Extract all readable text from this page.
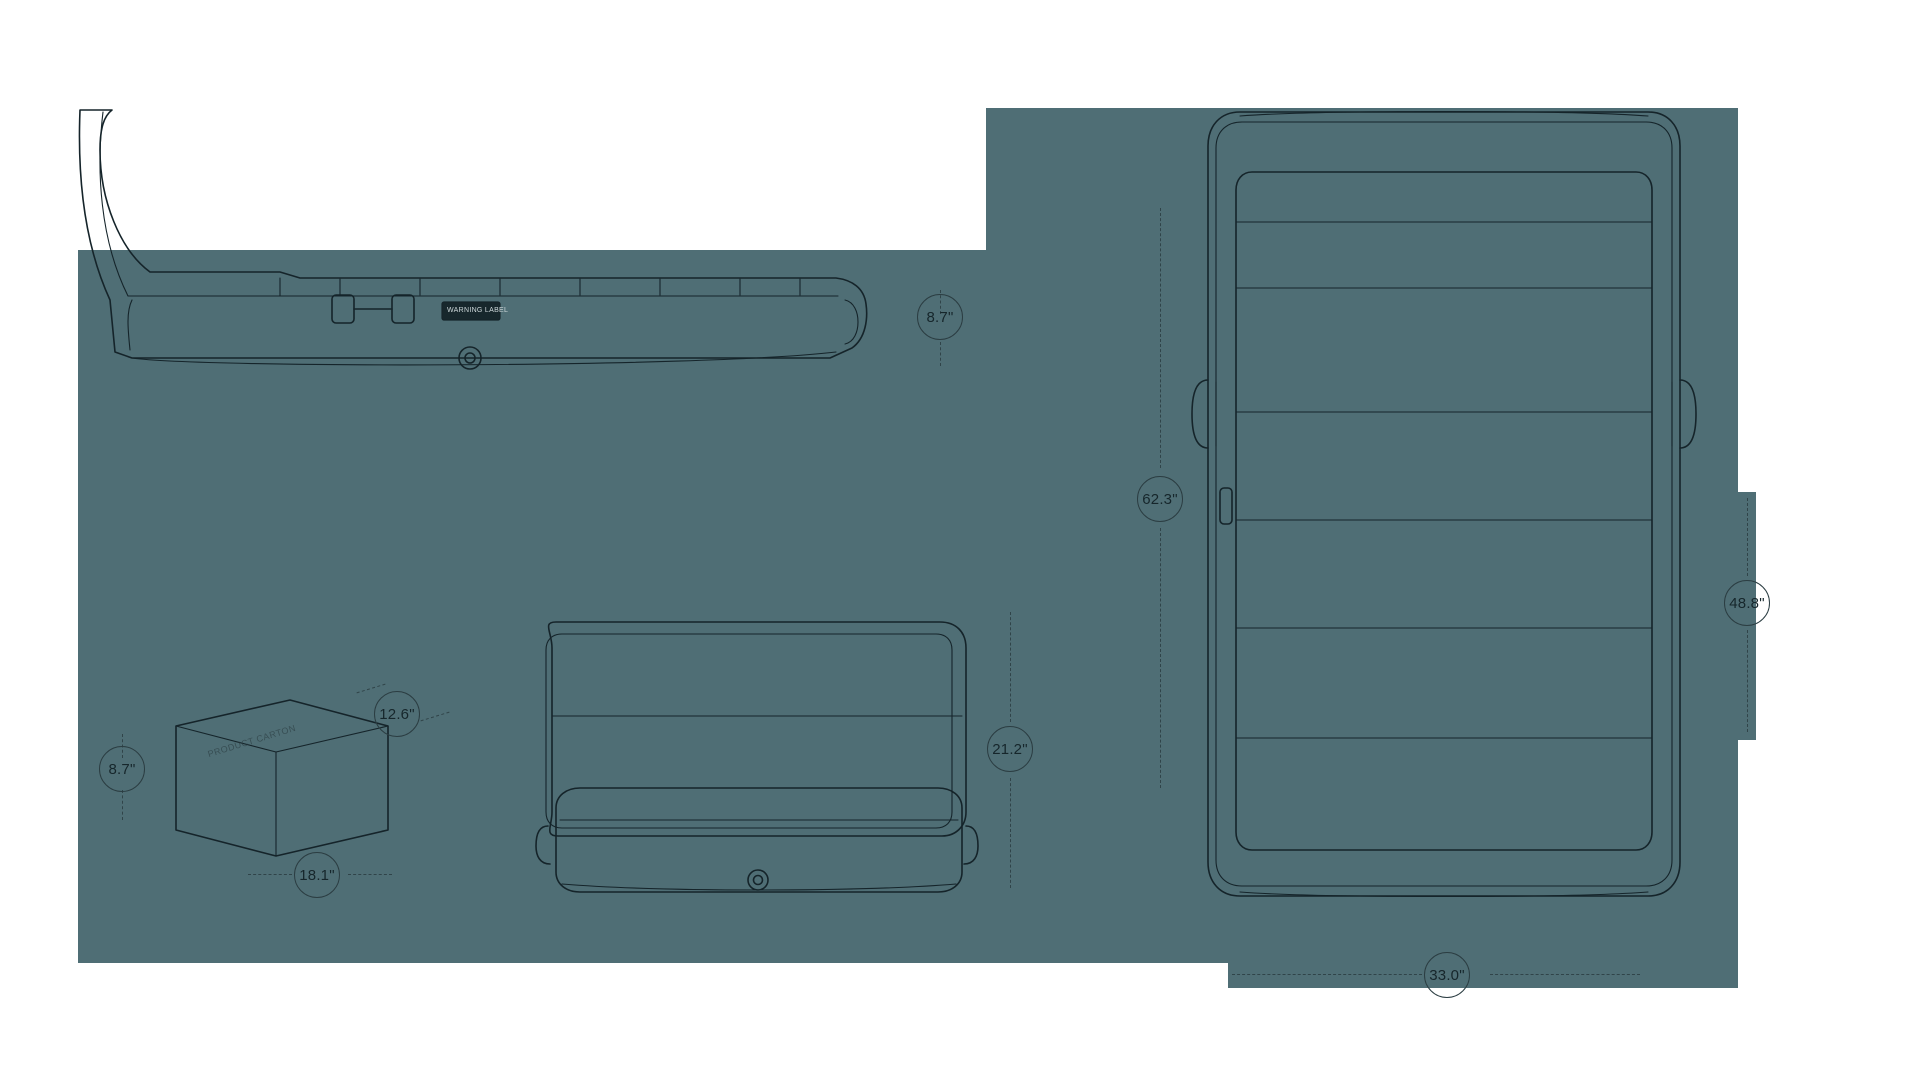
PRODUCT CARTON
WARNING LABEL	8.7"
8.7"
12.6"
18.1"
21.2"
62.3"
48.8"
33.0"
